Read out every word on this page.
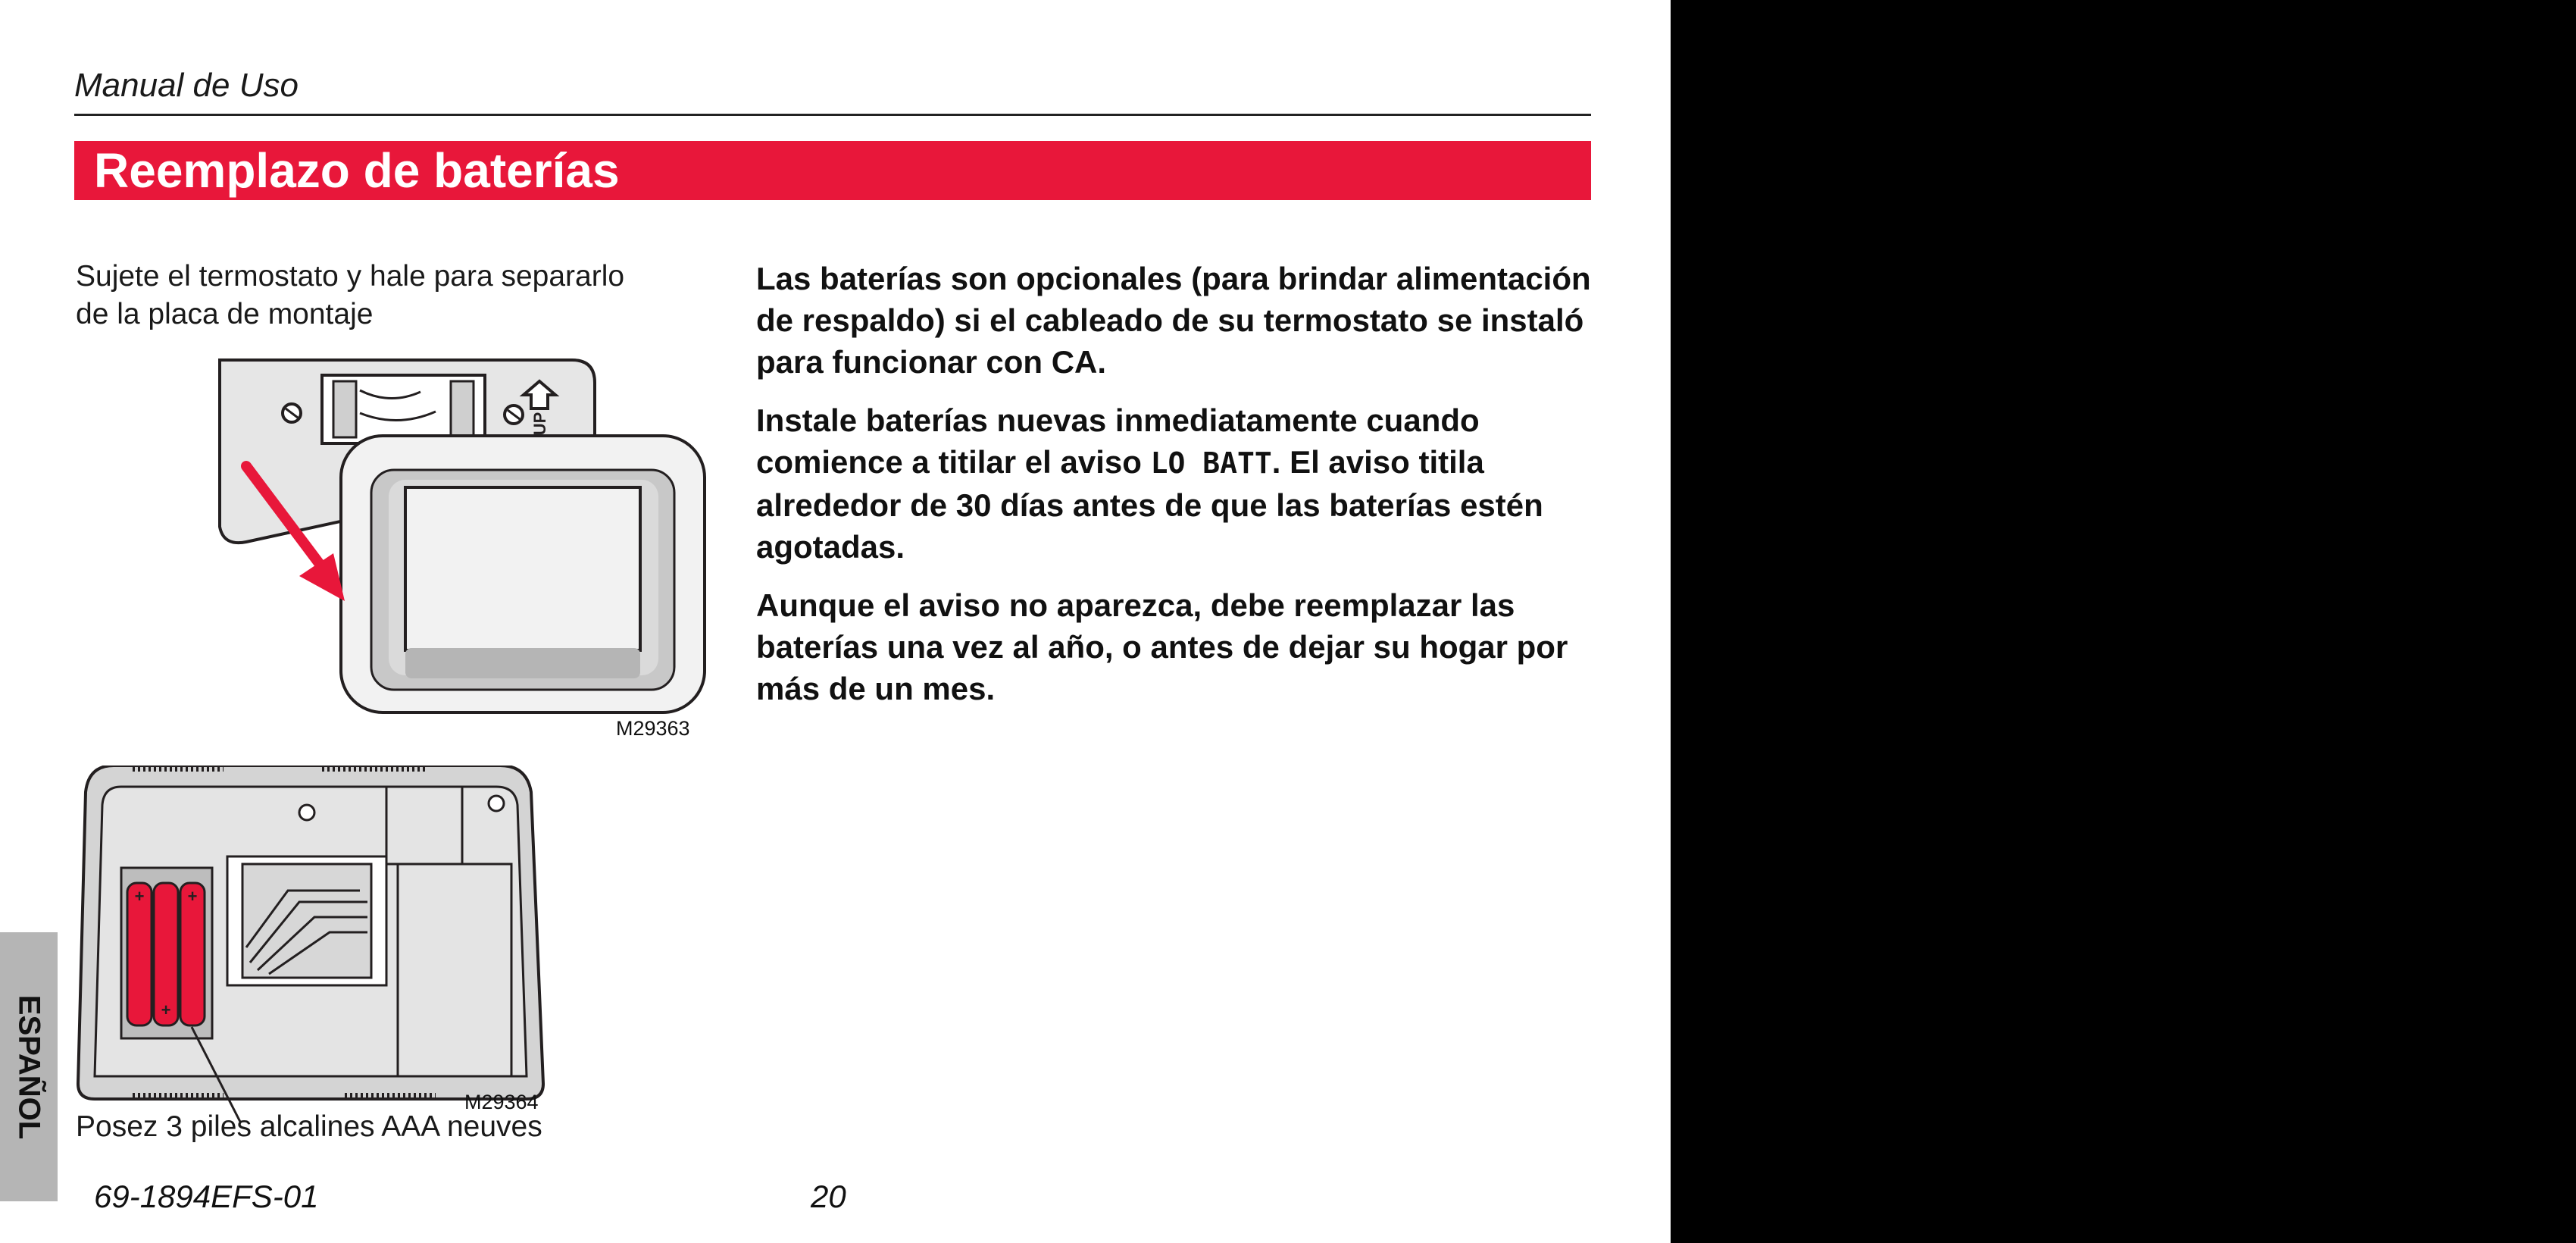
Manual de Uso
Reemplazo de baterías
Sujete el termostato y hale para separarlo de la placa de montaje
UP
M29363
+
+
+
M29364
Posez 3 piles alcalines AAA neuves

Las baterías son opcionales (para brindar alimentación de respaldo) si el cableado de su termostato se instaló para funcionar con CA.

Instale baterías nuevas inmediatamente cuando comience a titilar el aviso LO BATT. El aviso titila alrededor de 30 días antes de que las baterías estén agotadas.

Aunque el aviso no aparezca, debe reemplazar las baterías una vez al año, o antes de dejar su hogar por más de un mes.

ESPAÑOL
69-1894EFS-01	20
